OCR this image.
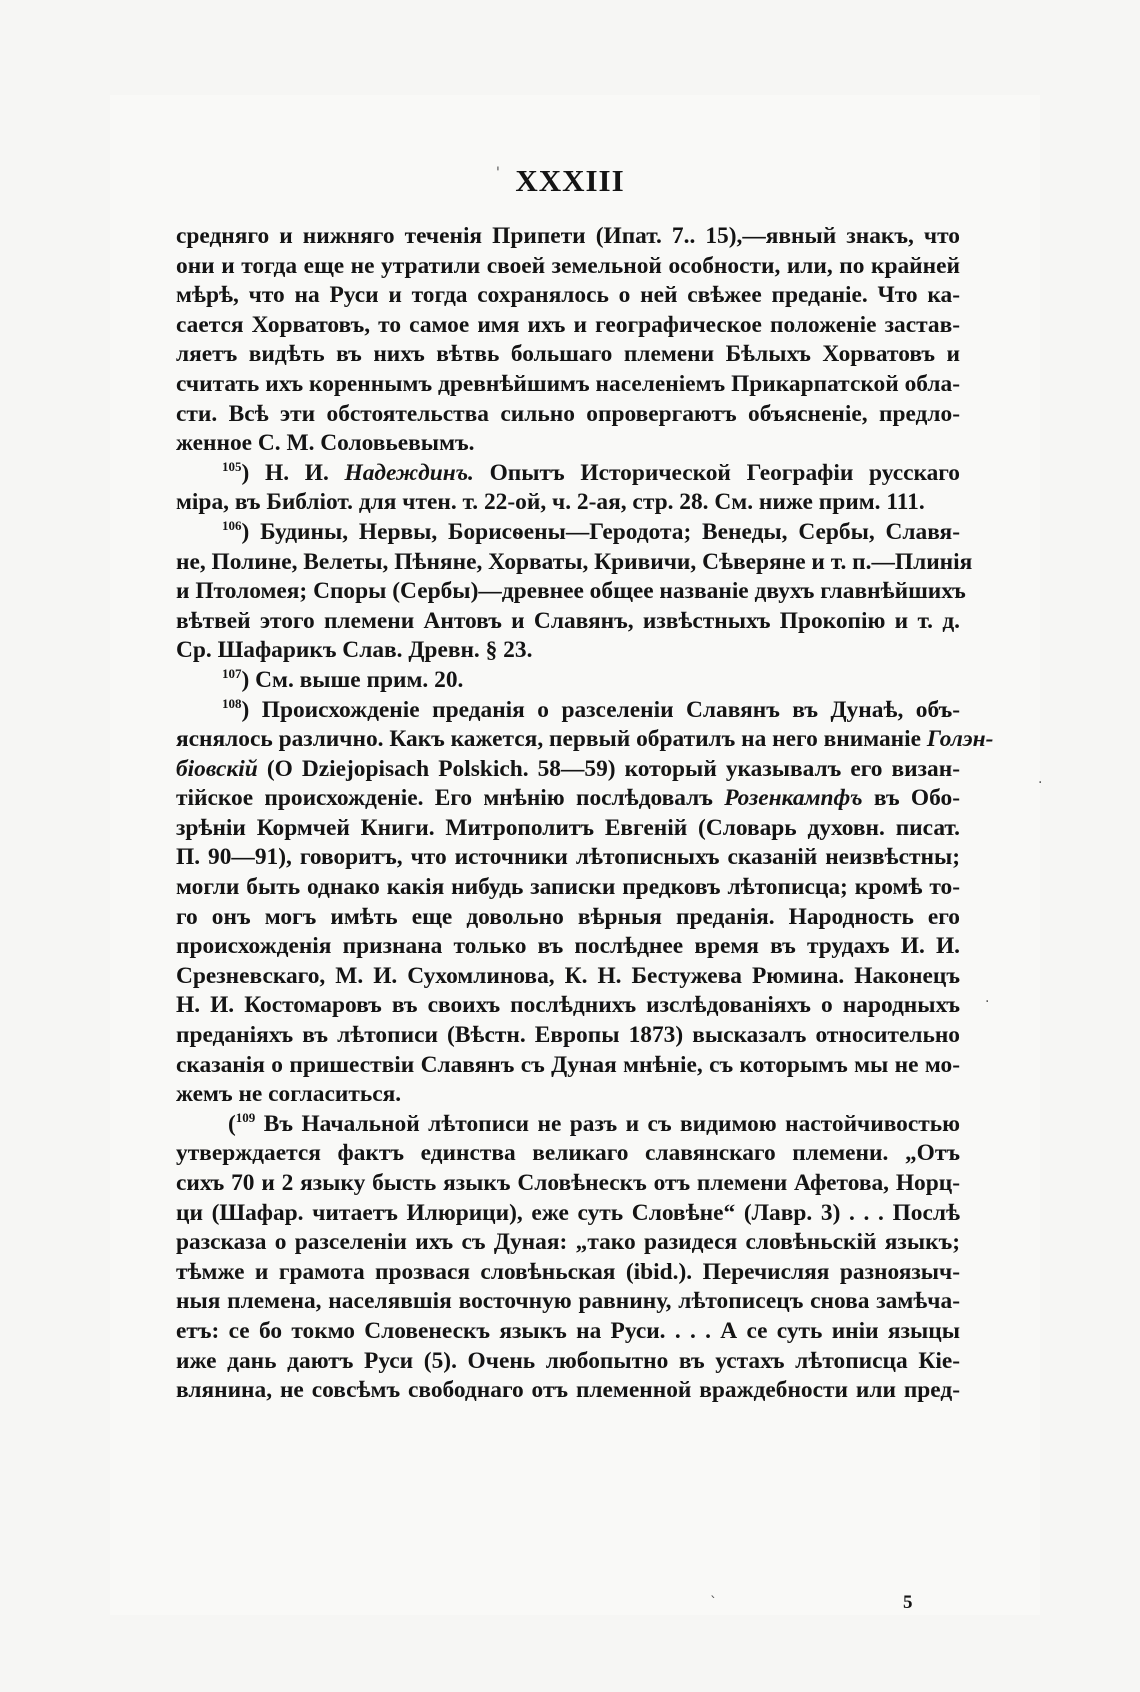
XXXIII
средняго и нижняго теченія Припети (Ипат. 7.. 15),—явный знакъ, что
они и тогда еще не утратили своей земельной особности, или, по крайней
мѣрѣ, что на Руси и тогда сохранялось о ней свѣжее преданіе. Что ка-
сается Хорватовъ, то самое имя ихъ и географическое положеніе застав-
ляетъ видѣть въ нихъ вѣтвь большаго племени Бѣлыхъ Хорватовъ и
считать ихъ кореннымъ древнѣйшимъ населеніемъ Прикарпатской обла-
сти. Всѣ эти обстоятельства сильно опровергаютъ объясненіе, предло-
женное С. М. Соловьевымъ.
$^{105}$) Н. И. Надеждинъ. Опытъ Исторической Географіи русскаго
міра, въ Библіот. для чтен. т. 22-ой, ч. 2-ая, стр. 28. См. ниже прим. 111.
$^{106}$) Будины, Нервы, Борисѳены—Геродота; Венеды, Сербы, Славя-
не, Полине, Велеты, Пѣняне, Хорваты, Кривичи, Сѣверяне и т. п.—Плинія
и Птоломея; Споры (Сербы)—древнее общее названіе двухъ главнѣйшихъ
вѣтвей этого племени Антовъ и Славянъ, извѣстныхъ Прокопію и т. д.
Ср. Шафарикъ Слав. Древн. § 23.
$^{107}$) См. выше прим. 20.
$^{108}$) Происхожденіе преданія о разселеніи Славянъ въ Дунаѣ, объ-
яснялось различно. Какъ кажется, первый обратилъ на него вниманіе Голэн-
біовскій (O Dziejopisach Polskich. 58—59) который указывалъ его визан-
тійское происхожденіе. Его мнѣнію послѣдовалъ Розенкампфъ въ Обо-
зрѣніи Кормчей Книги. Митрополитъ Евгеній (Словарь духовн. писат.
П. 90—91), говоритъ, что источники лѣтописныхъ сказаній неизвѣстны;
могли быть однако какія нибудь записки предковъ лѣтописца; кромѣ то-
го онъ могъ имѣть еще довольно вѣрныя преданія. Народность его
происхожденія признана только въ послѣднее время въ трудахъ И. И.
Срезневскаго, М. И. Сухомлинова, К. Н. Бестужева Рюмина. Наконецъ
Н. И. Костомаровъ въ своихъ послѣднихъ изслѣдованіяхъ о народныхъ
преданіяхъ въ лѣтописи (Вѣстн. Европы 1873) высказалъ относительно
сказанія о пришествіи Славянъ съ Дуная мнѣніе, съ которымъ мы не мо-
жемъ не согласиться.
($^{109}$ Въ Начальной лѣтописи не разъ и съ видимою настойчивостью
утверждается фактъ единства великаго славянскаго племени. „Отъ
сихъ 70 и 2 языку бысть языкъ Словѣнескъ отъ племени Афетова, Норц-
ци (Шафар. читаетъ Илюрици), еже суть Словѣне“ (Лавр. 3) . . . Послѣ
разсказа о разселеніи ихъ съ Дуная: „тако разидеся словѣньскій языкъ;
тѣмже и грамота прозвася словѣньская (ibid.). Перечисляя разноязыч-
ныя племена, населявшія восточную равнину, лѣтописецъ снова замѣча-
етъ: се бо токмо Словенескъ языкъ на Руси. . . . А се суть иніи языцы
иже дань даютъ Руси (5). Очень любопытно въ устахъ лѣтописца Кіе-
влянина, не совсѣмъ свободнаго отъ племенной враждебности или пред-
5
'
·
.
`
